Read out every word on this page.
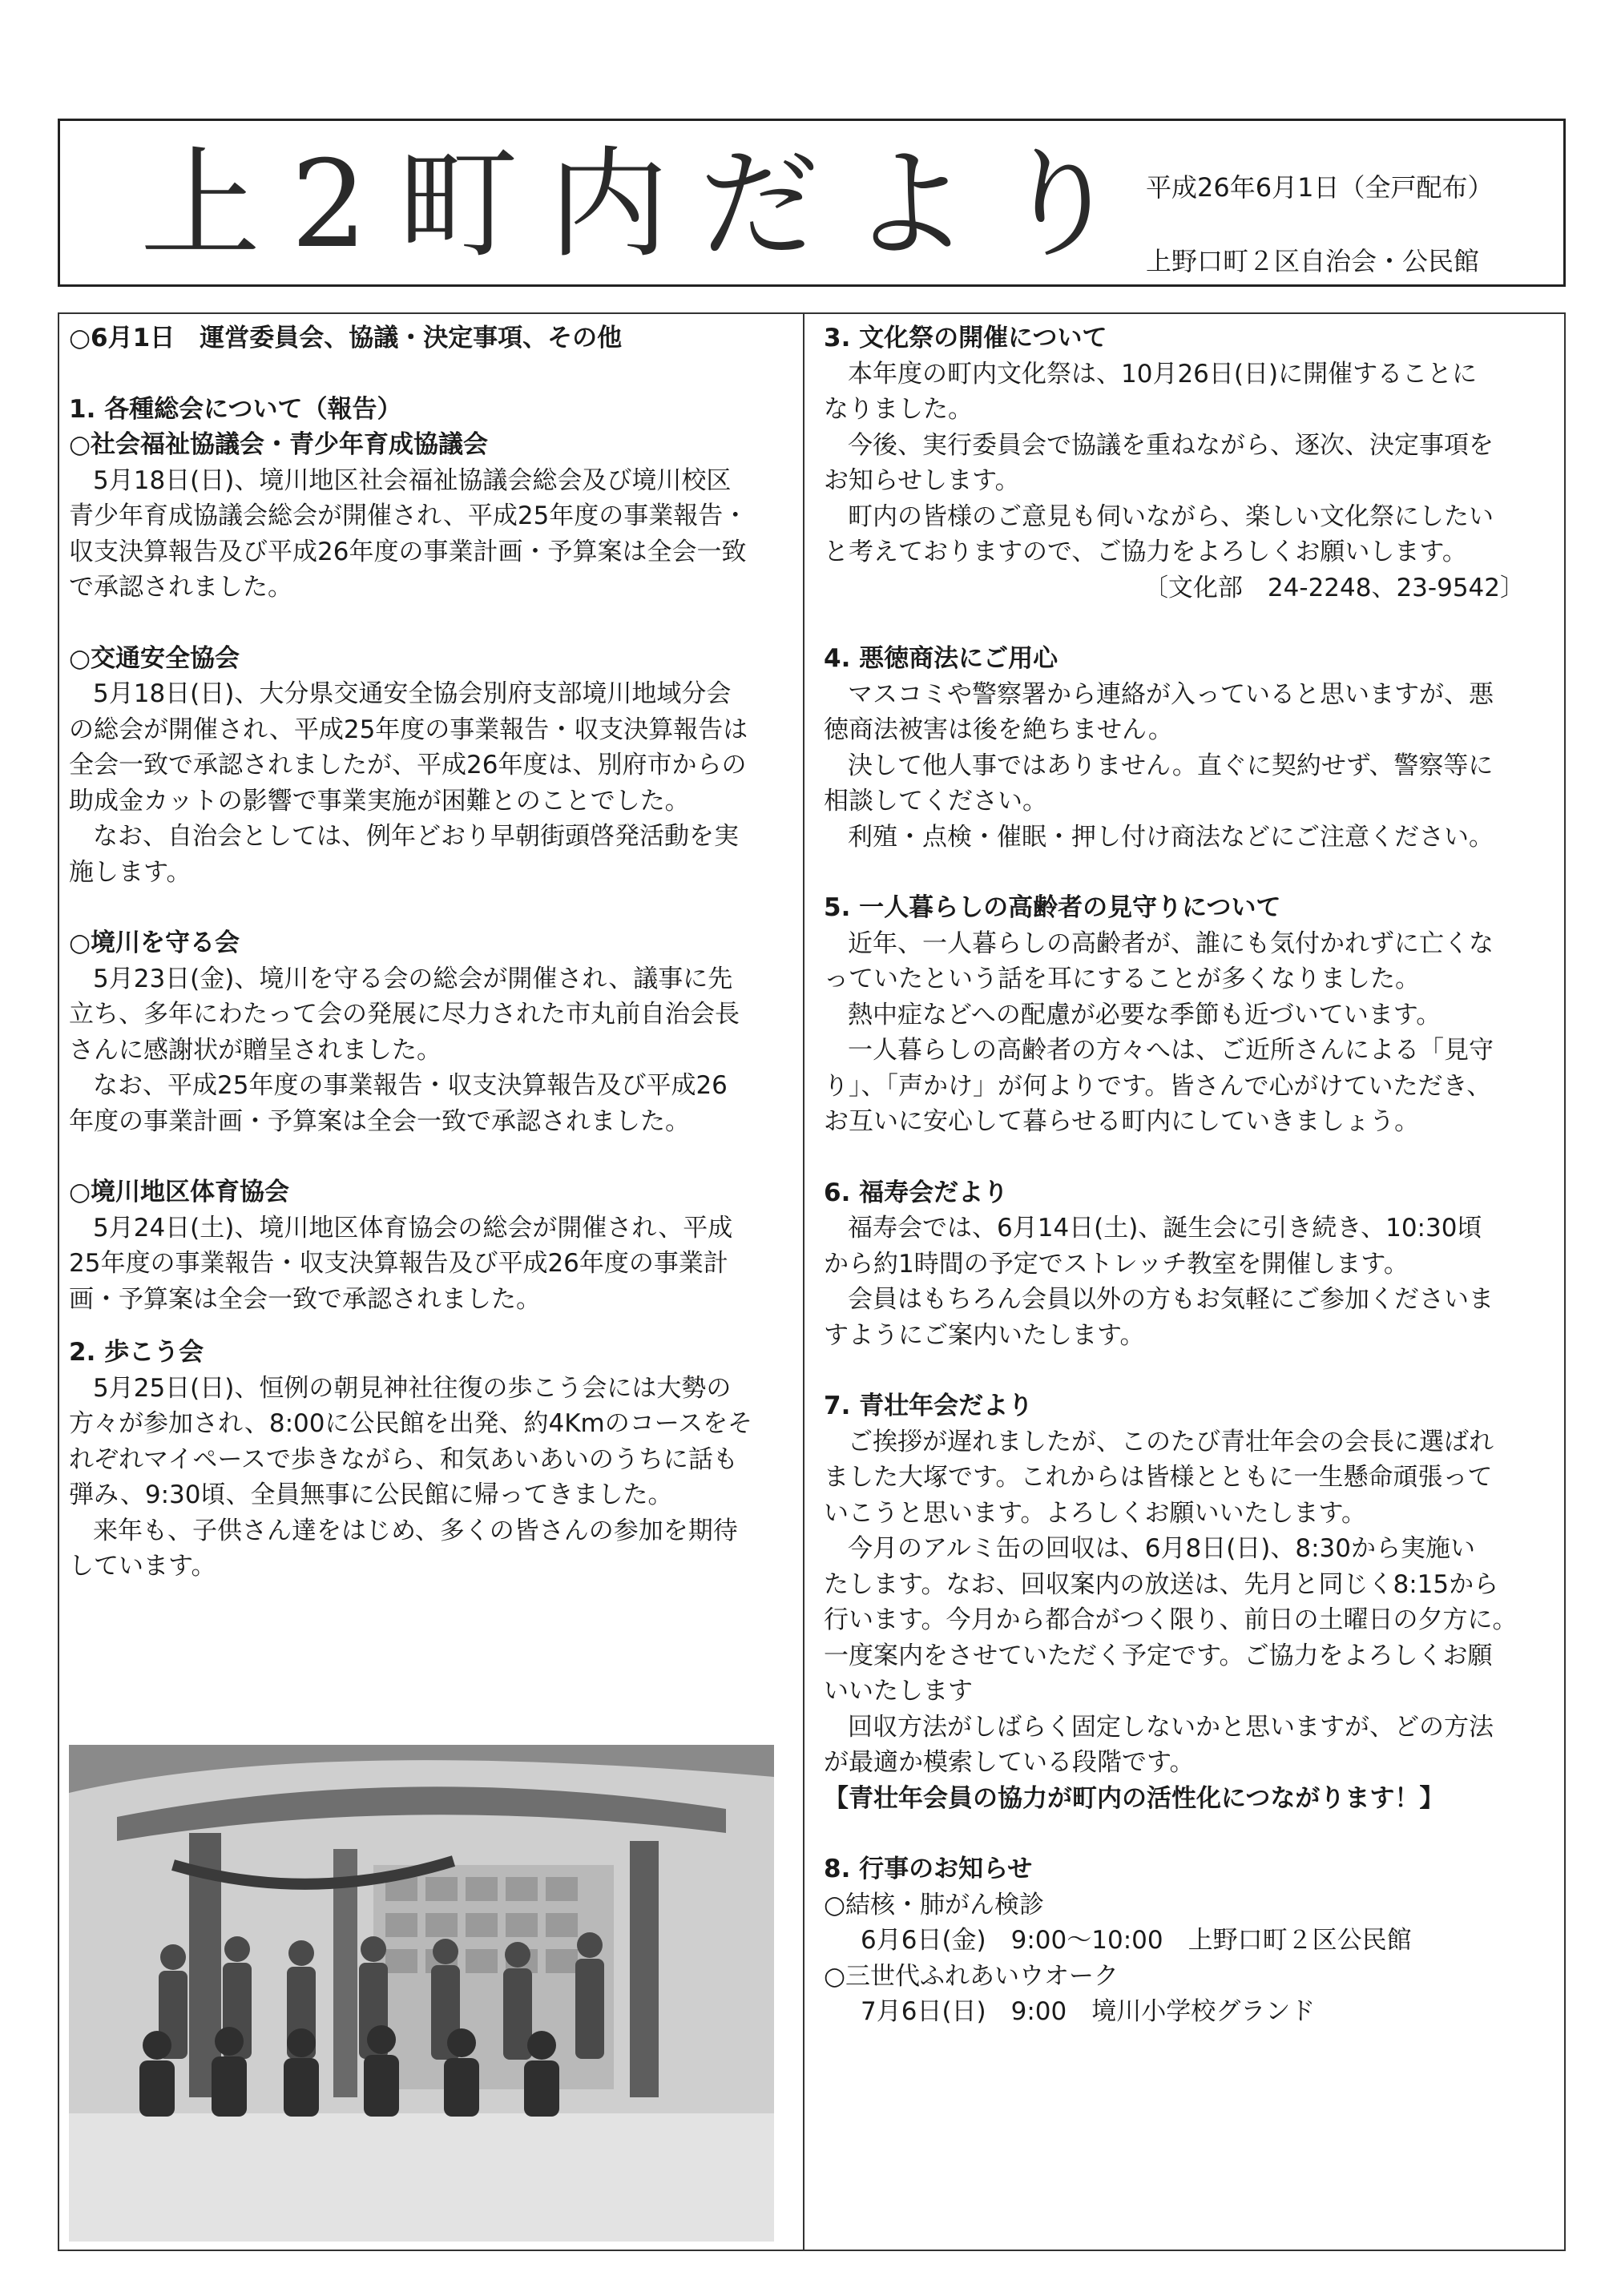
上2町内だより
平成26年6月1日（全戸配布）
上野口町２区自治会・公民館

○6月1日　運営委員会、協議・決定事項、その他

1. 各種総会について（報告）

○社会福祉協議会・青少年育成協議会

5月18日(日)、境川地区社会福祉協議会総会及び境川校区

青少年育成協議会総会が開催され、平成25年度の事業報告・

収支決算報告及び平成26年度の事業計画・予算案は全会一致

で承認されました。

○交通安全協会

5月18日(日)、大分県交通安全協会別府支部境川地域分会

の総会が開催され、平成25年度の事業報告・収支決算報告は

全会一致で承認されましたが、平成26年度は、別府市からの

助成金カットの影響で事業実施が困難とのことでした。

なお、自治会としては、例年どおり早朝街頭啓発活動を実

施します。

○境川を守る会

5月23日(金)、境川を守る会の総会が開催され、議事に先

立ち、多年にわたって会の発展に尽力された市丸前自治会長

さんに感謝状が贈呈されました。

なお、平成25年度の事業報告・収支決算報告及び平成26

年度の事業計画・予算案は全会一致で承認されました。

○境川地区体育協会

5月24日(土)、境川地区体育協会の総会が開催され、平成

25年度の事業報告・収支決算報告及び平成26年度の事業計

画・予算案は全会一致で承認されました。

2. 歩こう会

5月25日(日)、恒例の朝見神社往復の歩こう会には大勢の

方々が参加され、8:00に公民館を出発、約4Kmのコースをそ

れぞれマイペースで歩きながら、和気あいあいのうちに話も

弾み、9:30頃、全員無事に公民館に帰ってきました。

来年も、子供さん達をはじめ、多くの皆さんの参加を期待

しています。

3. 文化祭の開催について

本年度の町内文化祭は、10月26日(日)に開催することに

なりました。

今後、実行委員会で協議を重ねながら、逐次、決定事項を

お知らせします。

町内の皆様のご意見も伺いながら、楽しい文化祭にしたい

と考えておりますので、ご協力をよろしくお願いします。

〔文化部　24-2248、23-9542〕

4. 悪徳商法にご用心

マスコミや警察署から連絡が入っていると思いますが、悪

徳商法被害は後を絶ちません。

決して他人事ではありません。直ぐに契約せず、警察等に

相談してください。

利殖・点検・催眠・押し付け商法などにご注意ください。

5. 一人暮らしの高齢者の見守りについて

近年、一人暮らしの高齢者が、誰にも気付かれずに亡くな

っていたという話を耳にすることが多くなりました。

熱中症などへの配慮が必要な季節も近づいています。

一人暮らしの高齢者の方々へは、ご近所さんによる「見守

り」、「声かけ」が何よりです。皆さんで心がけていただき、

お互いに安心して暮らせる町内にしていきましょう。

6. 福寿会だより

福寿会では、6月14日(土)、誕生会に引き続き、10:30頃

から約1時間の予定でストレッチ教室を開催します。

会員はもちろん会員以外の方もお気軽にご参加くださいま

すようにご案内いたします。

7. 青壮年会だより

ご挨拶が遅れましたが、このたび青壮年会の会長に選ばれ

ました大塚です。これからは皆様とともに一生懸命頑張って

いこうと思います。よろしくお願いいたします。

今月のアルミ缶の回収は、6月8日(日)、8:30から実施い

たします。なお、回収案内の放送は、先月と同じく8:15から

行います。今月から都合がつく限り、前日の土曜日の夕方に。

一度案内をさせていただく予定です。ご協力をよろしくお願

いいたします

回収方法がしばらく固定しないかと思いますが、どの方法

が最適か模索している段階です。

【青壮年会員の協力が町内の活性化につながります！】

8. 行事のお知らせ

○結核・肺がん検診

6月6日(金)　9:00～10:00　上野口町２区公民館

○三世代ふれあいウオーク

7月6日(日)　9:00　境川小学校グランド
